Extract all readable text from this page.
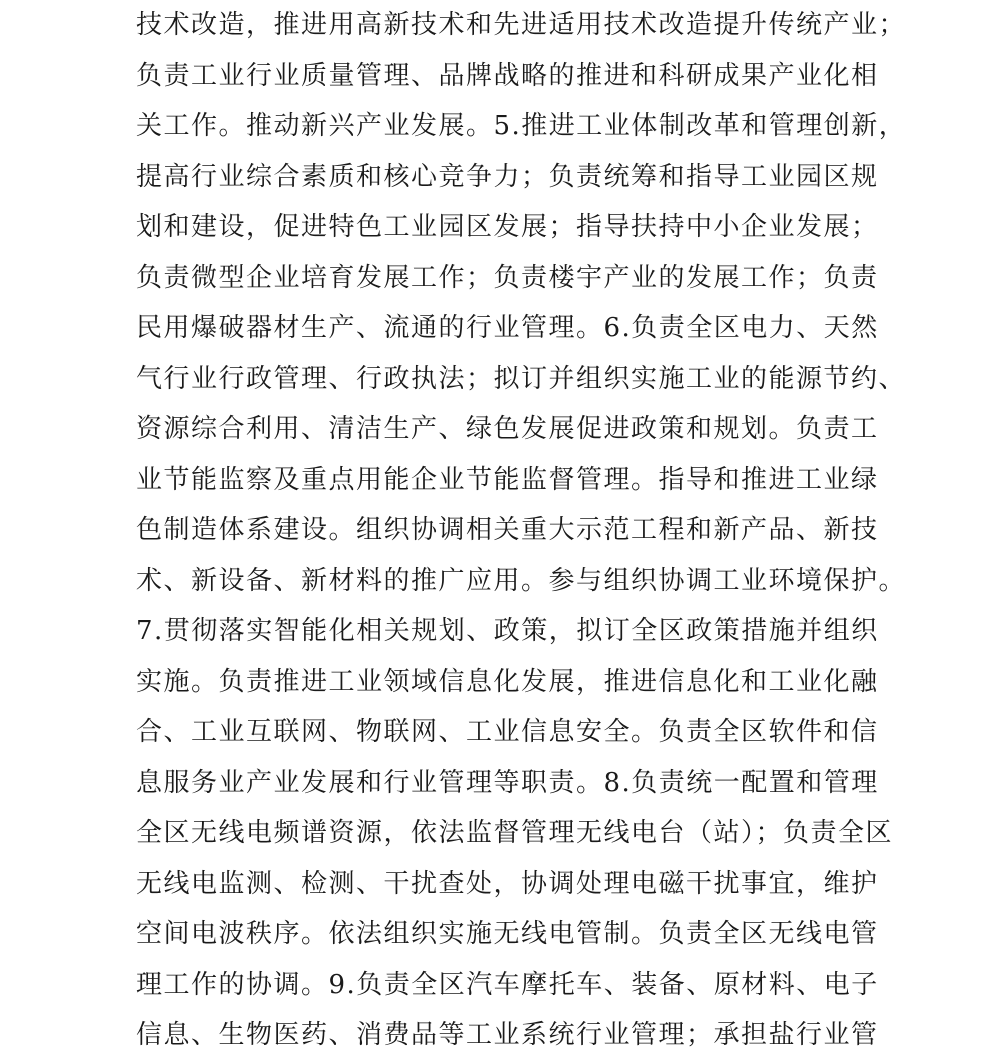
技术改造，推进用高新技术和先进适用技术改造提升传统产业；
负责工业行业质量管理、品牌战略的推进和科研成果产业化相
关工作。推动新兴产业发展。5.推进工业体制改革和管理创新，
提高行业综合素质和核心竞争力；负责统筹和指导工业园区规
划和建设，促进特色工业园区发展；指导扶持中小企业发展；
负责微型企业培育发展工作；负责楼宇产业的发展工作；负责
民用爆破器材生产、流通的行业管理。6.负责全区电力、天然
气行业行政管理、行政执法；拟订并组织实施工业的能源节约、
资源综合利用、清洁生产、绿色发展促进政策和规划。负责工
业节能监察及重点用能企业节能监督管理。指导和推进工业绿
色制造体系建设。组织协调相关重大示范工程和新产品、新技
术、新设备、新材料的推广应用。参与组织协调工业环境保护。
7.贯彻落实智能化相关规划、政策，拟订全区政策措施并组织
实施。负责推进工业领域信息化发展，推进信息化和工业化融
合、工业互联网、物联网、工业信息安全。负责全区软件和信
息服务业产业发展和行业管理等职责。8.负责统一配置和管理
全区无线电频谱资源，依法监督管理无线电台（站）；负责全区
无线电监测、检测、干扰查处，协调处理电磁干扰事宜，维护
空间电波秩序。依法组织实施无线电管制。负责全区无线电管
理工作的协调。9.负责全区汽车摩托车、装备、原材料、电子
信息、生物医药、消费品等工业系统行业管理；承担盐行业管
